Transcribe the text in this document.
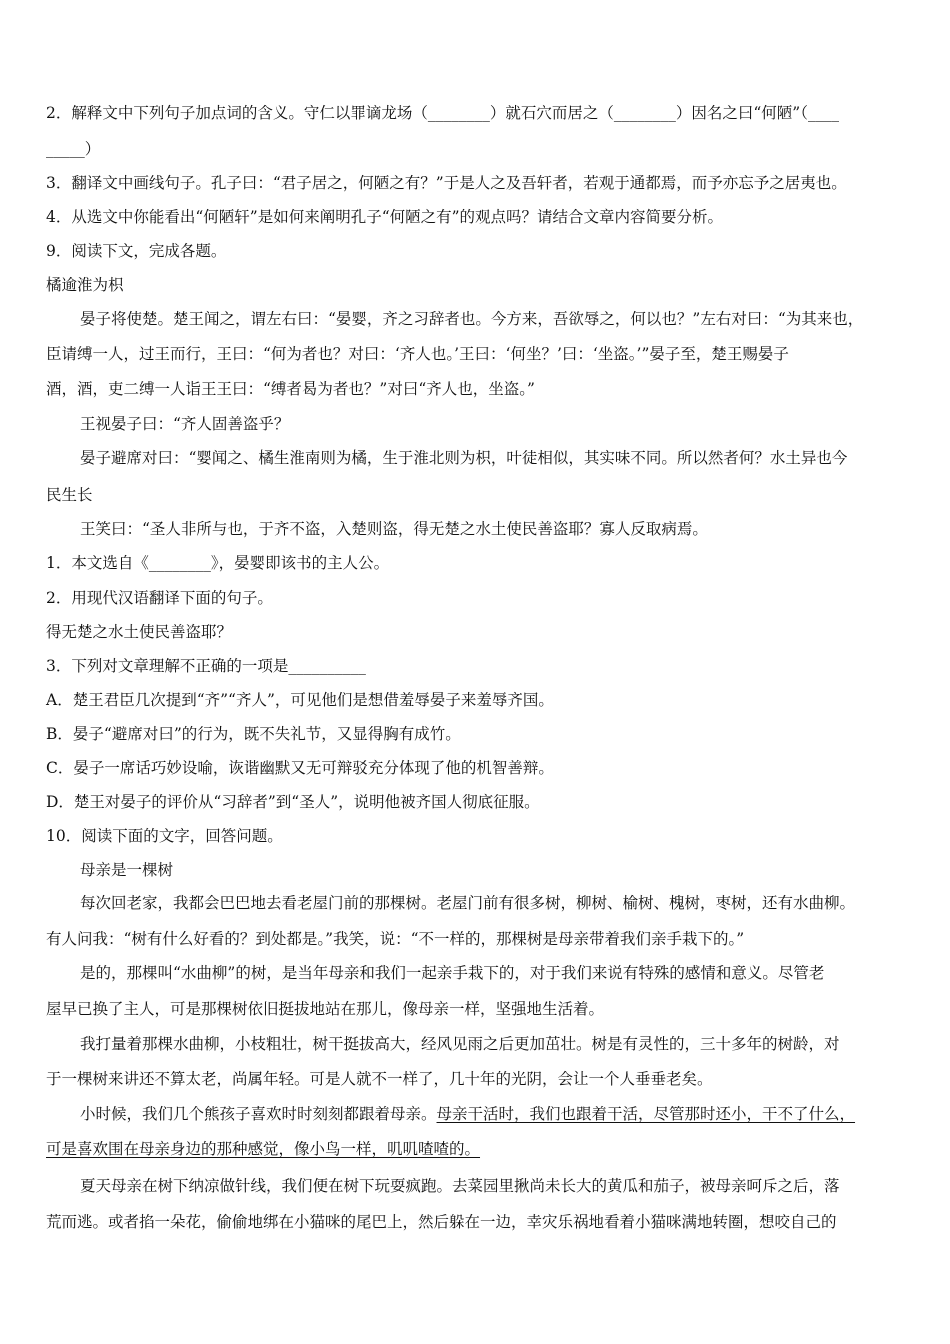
2．解释文中下列句子加点词的含义。守仁以罪谪龙场（________）就石穴而居之（________）因名之曰“何陋”（____
_____）
3．翻译文中画线句子。孔子曰：“君子居之，何陋之有？”于是人之及吾轩者，若观于通都焉，而予亦忘予之居夷也。
4．从选文中你能看出“何陋轩”是如何来阐明孔子“何陋之有”的观点吗？请结合文章内容简要分析。
9．阅读下文，完成各题。
橘逾淮为枳
晏子将使楚。楚王闻之，谓左右曰：“晏婴，齐之习辞者也。今方来，吾欲辱之，何以也？”左右对曰：“为其来也，
臣请缚一人，过王而行，王曰：“何为者也？对曰：‘齐人也。’王曰：‘何坐？’曰：‘坐盗。’”晏子至，楚王赐晏子
酒，酒，吏二缚一人诣王王曰：“缚者曷为者也？”对曰“齐人也，坐盗。”
王视晏子曰：“齐人固善盗乎？
晏子避席对曰：“婴闻之、橘生淮南则为橘，生于淮北则为枳，叶徒相似，其实味不同。所以然者何？水土异也今
民生长
王笑曰：“圣人非所与也，于齐不盗，入楚则盗，得无楚之水土使民善盗耶？寡人反取病焉。
1．本文选自《________》，晏婴即该书的主人公。
2．用现代汉语翻译下面的句子。
得无楚之水土使民善盗耶？
3．下列对文章理解不正确的一项是__________
A．楚王君臣几次提到“齐”“齐人”，可见他们是想借羞辱晏子来羞辱齐国。
B．晏子“避席对曰”的行为，既不失礼节，又显得胸有成竹。
C．晏子一席话巧妙设喻，诙谐幽默又无可辩驳充分体现了他的机智善辩。
D．楚王对晏子的评价从“习辞者”到“圣人”，说明他被齐国人彻底征服。
10．阅读下面的文字，回答问题。
母亲是一棵树
每次回老家，我都会巴巴地去看老屋门前的那棵树。老屋门前有很多树，柳树、榆树、槐树，枣树，还有水曲柳。
有人问我：“树有什么好看的？到处都是。”我笑，说：“不一样的，那棵树是母亲带着我们亲手栽下的。”
是的，那棵叫“水曲柳”的树，是当年母亲和我们一起亲手栽下的，对于我们来说有特殊的感情和意义。尽管老
屋早已换了主人，可是那棵树依旧挺拔地站在那儿，像母亲一样，坚强地生活着。
我打量着那棵水曲柳，小枝粗壮，树干挺拔高大，经风见雨之后更加茁壮。树是有灵性的，三十多年的树龄，对
于一棵树来讲还不算太老，尚属年轻。可是人就不一样了，几十年的光阴，会让一个人垂垂老矣。
小时候，我们几个熊孩子喜欢时时刻刻都跟着母亲。母亲干活时，我们也跟着干活，尽管那时还小，干不了什么，
可是喜欢围在母亲身边的那种感觉，像小鸟一样，叽叽喳喳的。
夏天母亲在树下纳凉做针线，我们便在树下玩耍疯跑。去菜园里揪尚未长大的黄瓜和茄子，被母亲呵斥之后，落
荒而逃。或者掐一朵花，偷偷地绑在小猫咪的尾巴上，然后躲在一边，幸灾乐祸地看着小猫咪满地转圈，想咬自己的
